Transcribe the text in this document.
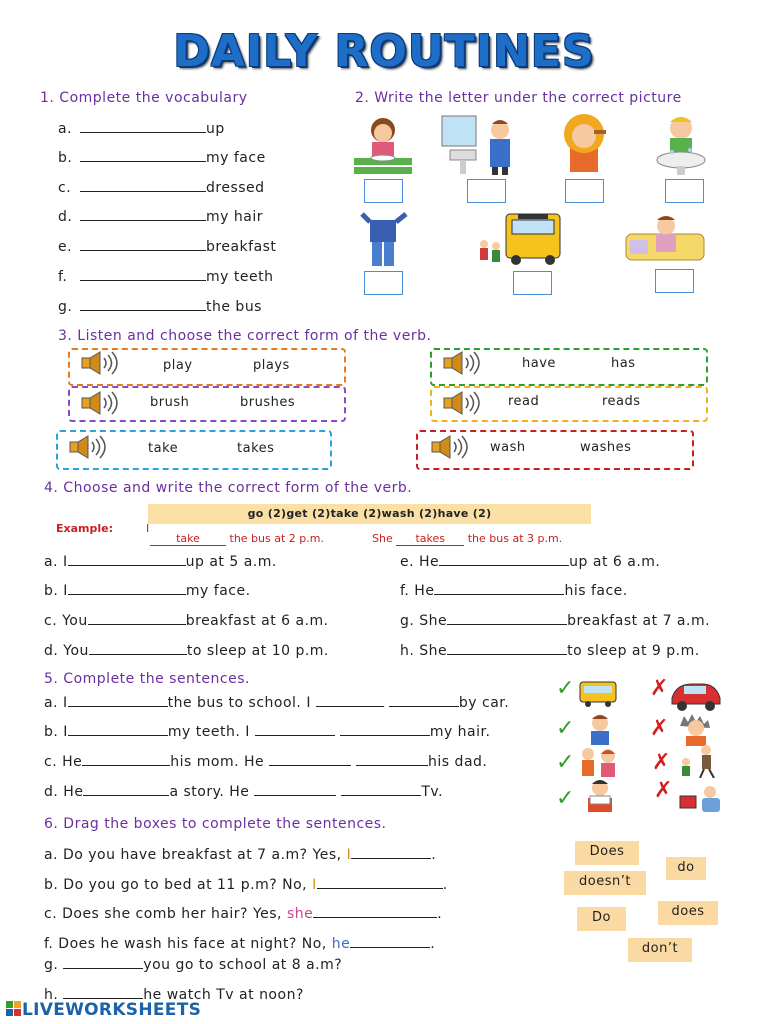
DAILY ROUTINES
1. Complete the vocabulary
a.	up
b.	my face
c.	dressed
d.	my hair
e.	breakfast
f.	my teeth
g.	the bus
2. Write the letter under the correct picture
3. Listen and choose the correct form of the verb.
play	plays
brush	brushes
take	takes
have	has
read	reads
wash	washes
4. Choose and write the correct form of the verb.
go (2)get (2)take (2)wash (2)have (2)
Example:	I
take	the bus at 2 p.m.	She takes the bus at 3 p.m.
a. I	up at 5 a.m.
b. I	my face.
c. You	breakfast at 6 a.m.
d. You	to sleep at 10 p.m.
e. He	up at 6 a.m.
f. He	his face.
g. She	breakfast at 7 a.m.
h. She	to sleep at 9 p.m.
5. Complete the sentences.
a. I	the bus to school. I	by car.
b. I	my teeth. I	my hair.
c. He	his mom. He	his dad.
d. He	a story. He	Tv.
✓
✓
✓
✓
✗
✗
✗
✗
6. Drag the boxes to complete the sentences.
a. Do you have breakfast at 7 a.m? Yes, I	.
b. Do you go to bed at 11 p.m? No, I	.
c. Does she comb her hair? Yes, she	.
f. Does he wash his face at night? No, he	.
g.	you go to school at 8 a.m?
h.	he watch Tv at noon?
Does
do
doesn’t
does
Do
don’t
LIVEWORKSHEETS
